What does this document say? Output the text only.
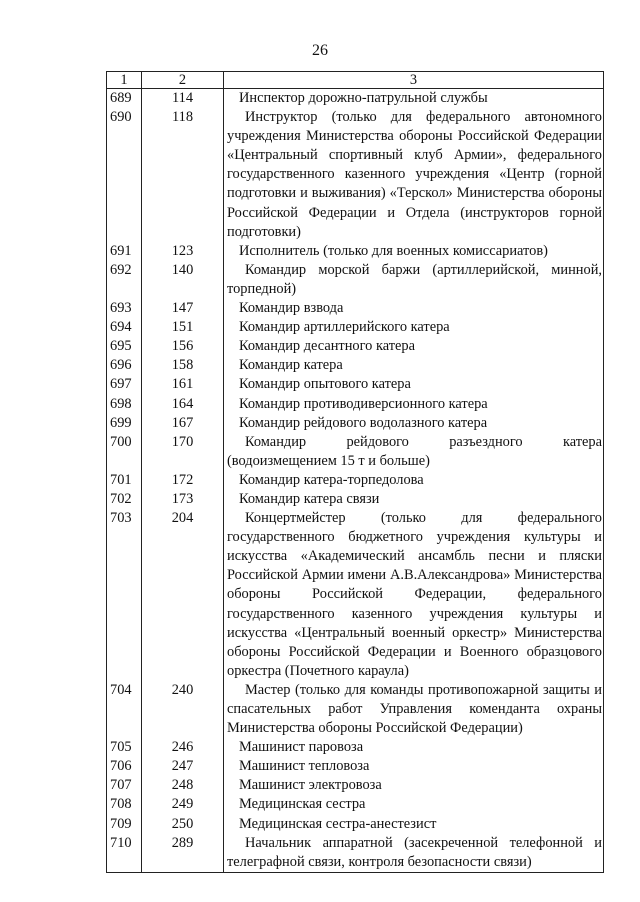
26
1	2	3
689	114	Инспектор дорожно-патрульной службы
690	118	Инструктор (только для федерального автономного учреждения Министерства обороны Российской Федерации «Центральный спортивный клуб Армии», федерального государственного казенного учреждения «Центр (горной подготовки и выживания) «Терскол» Министерства обороны Российской Федерации и Отдела (инструкторов горной подготовки)
691	123	Исполнитель (только для военных комиссариатов)
692	140	Командир морской баржи (артиллерийской, минной, торпедной)
693	147	Командир взвода
694	151	Командир артиллерийского катера
695	156	Командир десантного катера
696	158	Командир катера
697	161	Командир опытового катера
698	164	Командир противодиверсионного катера
699	167	Командир рейдового водолазного катера
700	170	Командир рейдового разъездного катера (водоизмещением 15 т и больше)
701	172	Командир катера-торпедолова
702	173	Командир катера связи
703	204	Концертмейстер (только для федерального государственного бюджетного учреждения культуры и искусства «Академический ансамбль песни и пляски Российской Армии имени А.В.Александрова» Министерства обороны Российской Федерации, федерального государственного казенного учреждения культуры и искусства «Центральный военный оркестр» Министерства обороны Российской Федерации и Военного образцового оркестра (Почетного караула)
704	240	Мастер (только для команды противопожарной защиты и спасательных работ Управления коменданта охраны Министерства обороны Российской Федерации)
705	246	Машинист паровоза
706	247	Машинист тепловоза
707	248	Машинист электровоза
708	249	Медицинская сестра
709	250	Медицинская сестра-анестезист
710	289	Начальник аппаратной (засекреченной телефонной и телеграфной связи, контроля безопасности связи)
